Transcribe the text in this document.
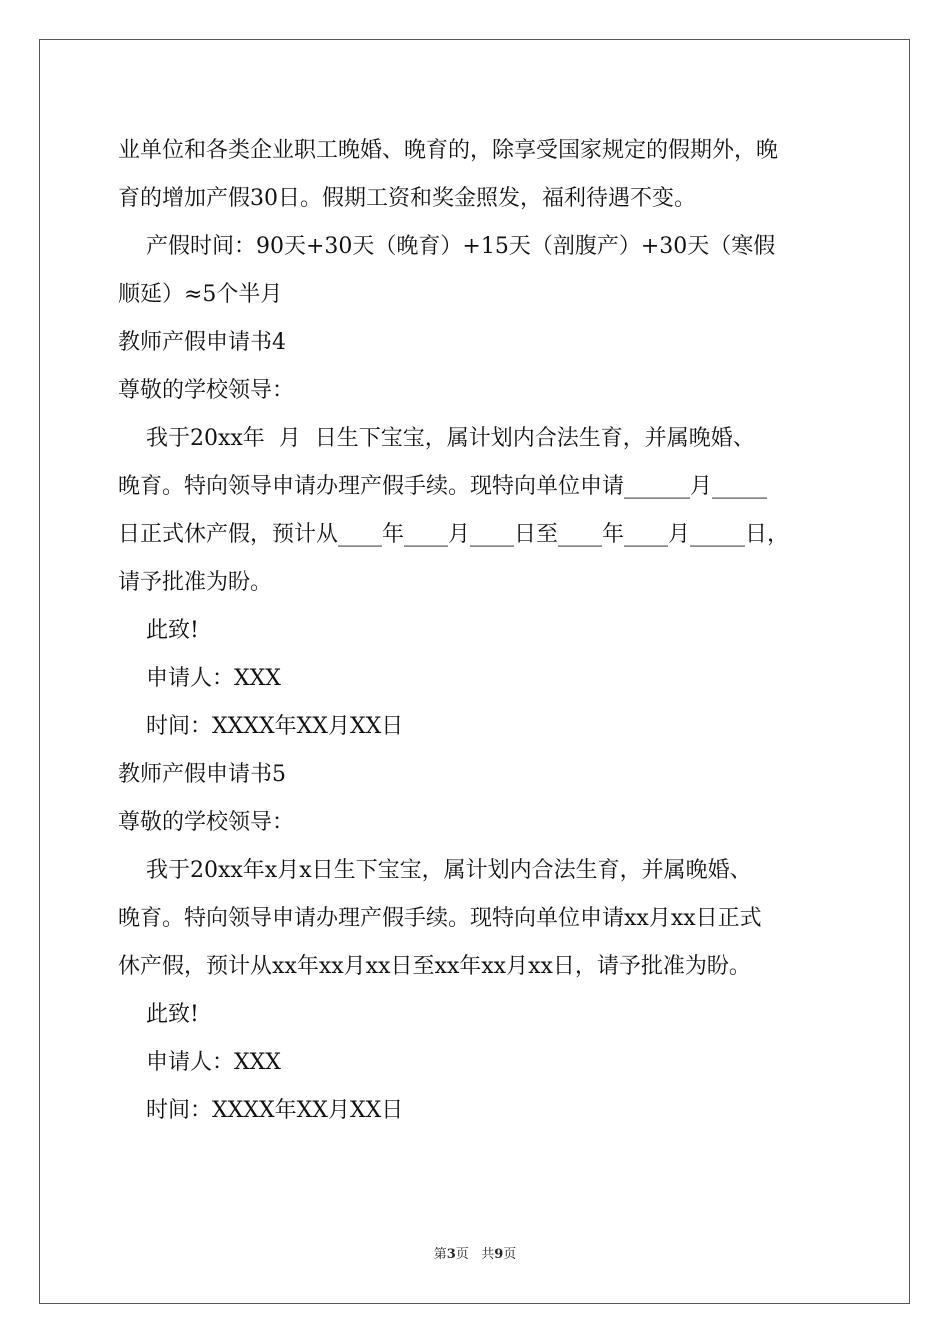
业单位和各类企业职工晚婚、晚育的，除享受国家规定的假期外，晚
育的增加产假30日。假期工资和奖金照发，福利待遇不变。
产假时间：90天+30天（晚育）+15天（剖腹产）+30天（寒假
顺延）≈5个半月
教师产假申请书4
尊敬的学校领导：
我于20xx年  月  日生下宝宝，属计划内合法生育，并属晚婚、
晚育。特向领导申请办理产假手续。现特向单位申请______月_____
日正式休产假，预计从____年____月____日至____年____月_____日，
请予批准为盼。
此致!
申请人：XXX
时间：XXXX年XX月XX日
教师产假申请书5
尊敬的学校领导：
我于20xx年x月x日生下宝宝，属计划内合法生育，并属晚婚、
晚育。特向领导申请办理产假手续。现特向单位申请xx月xx日正式
休产假，预计从xx年xx月xx日至xx年xx月xx日，请予批准为盼。
此致!
申请人：XXX
时间：XXXX年XX月XX日
第3页 共9页
